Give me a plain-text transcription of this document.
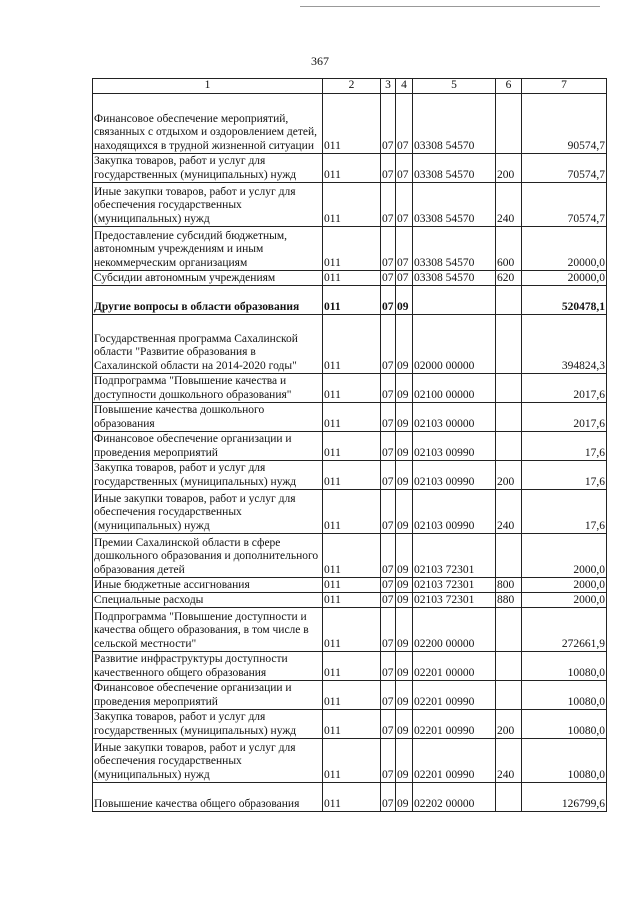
367
1	2	3	4	5	6	7
Финансовое обеспечение мероприятий, связанных с отдыхом и оздоровлением детей, находящихся в трудной жизненной ситуации	011	07	07	03308 54570		90574,7
Закупка товаров, работ и услуг для государственных (муниципальных) нужд	011	07	07	03308 54570	200	70574,7
Иные закупки товаров, работ и услуг для обеспечения государственных (муниципальных) нужд	011	07	07	03308 54570	240	70574,7
Предоставление субсидий бюджетным, автономным учреждениям и иным некоммерческим организациям	011	07	07	03308 54570	600	20000,0
Субсидии автономным учреждениям	011	07	07	03308 54570	620	20000,0
Другие вопросы в области образования	011	07	09			520478,1
Государственная программа Сахалинской области "Развитие образования в Сахалинской области на 2014-2020 годы"	011	07	09	02000 00000		394824,3
Подпрограмма "Повышение качества и доступности дошкольного образования"	011	07	09	02100 00000		2017,6
Повышение качества дошкольного образования	011	07	09	02103 00000		2017,6
Финансовое обеспечение организации и проведения мероприятий	011	07	09	02103 00990		17,6
Закупка товаров, работ и услуг для государственных (муниципальных) нужд	011	07	09	02103 00990	200	17,6
Иные закупки товаров, работ и услуг для обеспечения государственных (муниципальных) нужд	011	07	09	02103 00990	240	17,6
Премии Сахалинской области в сфере дошкольного образования и дополнительного образования детей	011	07	09	02103 72301		2000,0
Иные бюджетные ассигнования	011	07	09	02103 72301	800	2000,0
Специальные расходы	011	07	09	02103 72301	880	2000,0
Подпрограмма "Повышение доступности и качества общего образования, в том числе в сельской местности"	011	07	09	02200 00000		272661,9
Развитие инфраструктуры доступности качественного общего образования	011	07	09	02201 00000		10080,0
Финансовое обеспечение организации и проведения мероприятий	011	07	09	02201 00990		10080,0
Закупка товаров, работ и услуг для государственных (муниципальных) нужд	011	07	09	02201 00990	200	10080,0
Иные закупки товаров, работ и услуг для обеспечения государственных (муниципальных) нужд	011	07	09	02201 00990	240	10080,0
Повышение качества общего образования	011	07	09	02202 00000		126799,6
